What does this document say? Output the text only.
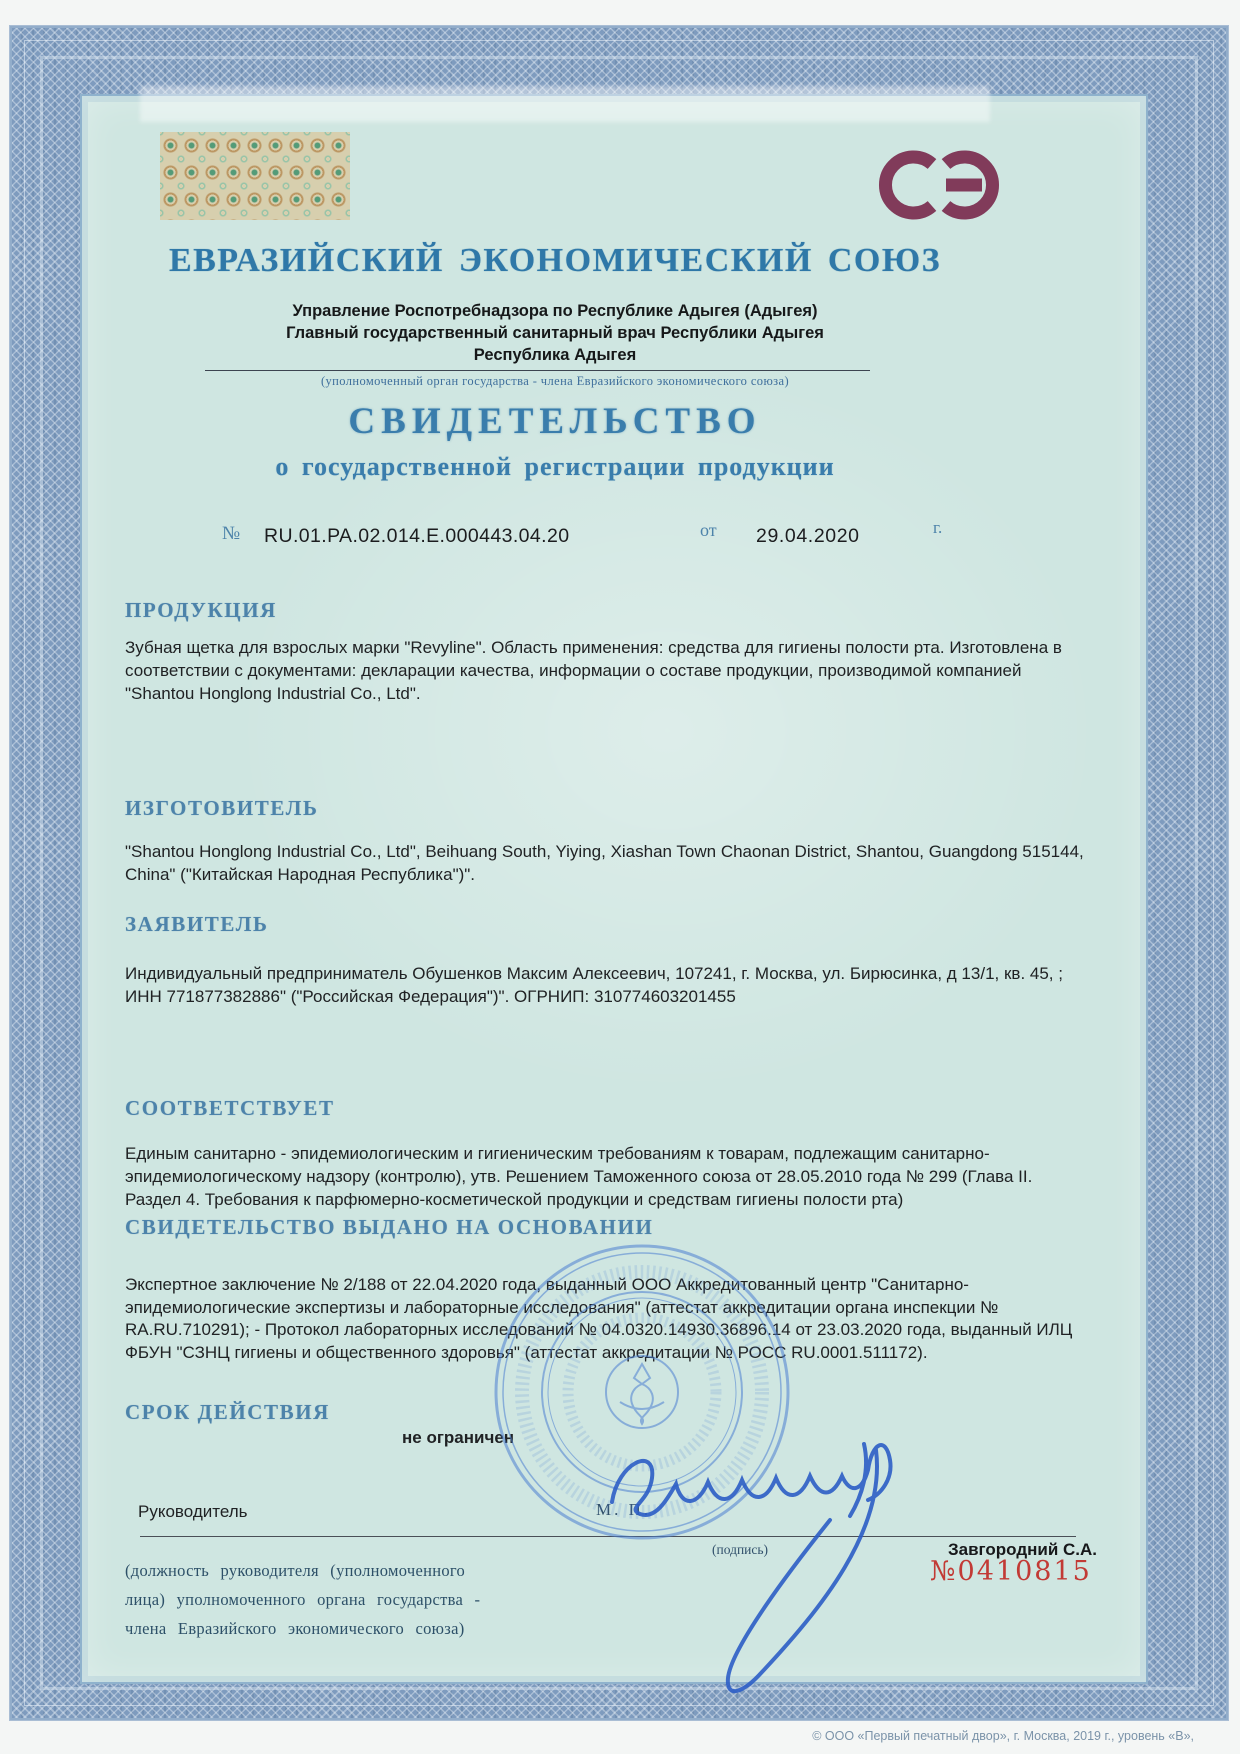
ЕВРАЗИЙСКИЙ ЭКОНОМИЧЕСКИЙ СОЮЗ
Управление Роспотребнадзора по Республике Адыгея (Адыгея)
Главный государственный санитарный врач Республики Адыгея
Республика Адыгея
(уполномоченный орган государства - члена Евразийского экономического союза)
СВИДЕТЕЛЬСТВО
о государственной регистрации продукции
№ RU.01.PA.02.014.E.000443.04.20	от 29.04.2020	г.
ПРОДУКЦИЯ
Зубная щетка для взрослых марки "Revyline". Область применения: средства для гигиены полости рта. Изготовлена в соответствии с документами: декларации качества, информации о составе продукции, производимой компанией "Shantou Honglong Industrial Co., Ltd".
ИЗГОТОВИТЕЛЬ
"Shantou Honglong Industrial Co., Ltd", Beihuang South, Yiying, Xiashan Town Chaonan District, Shantou, Guangdong 515144, China" ("Китайская Народная Республика")".
ЗАЯВИТЕЛЬ
Индивидуальный предприниматель Обушенков Максим Алексеевич, 107241, г. Москва, ул. Бирюсинка, д 13/1, кв. 45, ; ИНН 771877382886" ("Российская Федерация")". ОГРНИП: 310774603201455
СООТВЕТСТВУЕТ
Единым санитарно - эпидемиологическим и гигиеническим требованиям к товарам, подлежащим санитарно-эпидемиологическому надзору (контролю), утв. Решением Таможенного союза от 28.05.2010 года № 299 (Глава II. Раздел 4. Требования к парфюмерно-косметической продукции и средствам гигиены полости рта)
СВИДЕТЕЛЬСТВО ВЫДАНО НА ОСНОВАНИИ
Экспертное заключение № 2/188 от 22.04.2020 года, выданный ООО Аккредитованный центр "Санитарно-эпидемиологические экспертизы и лабораторные исследования" (аттестат аккредитации органа инспекции № RA.RU.710291); - Протокол лабораторных исследований № 04.0320.14930.36896.14 от 23.03.2020 года, выданный ИЛЦ ФБУН "СЗНЦ гигиены и общественного здоровья" (аттестат аккредитации № РОСС RU.0001.511172).
СРОК ДЕЙСТВИЯ
не ограничен
Руководитель	М. П.
(подпись)	Завгородний С.А.
(должность руководителя (уполномоченного
лица) уполномоченного органа государства -
члена Евразийского экономического союза)
№0410815
© ООО «Первый печатный двор», г. Москва, 2019 г., уровень «В»,
